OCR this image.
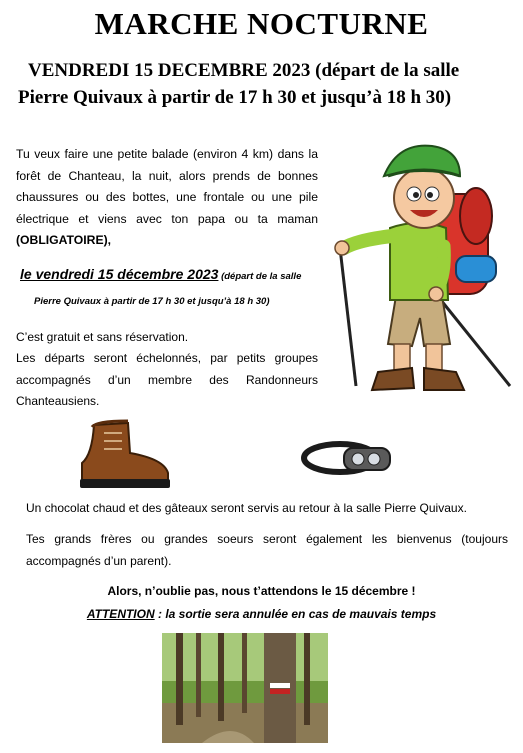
MARCHE NOCTURNE
VENDREDI 15 DECEMBRE 2023 (départ de la salle
Pierre Quivaux à partir de 17 h 30 et jusqu’à 18 h 30)
Tu veux faire une petite balade (environ 4 km) dans la forêt de Chanteau, la nuit, alors prends de bonnes chaussures ou des bottes, une frontale ou une pile électrique et viens avec ton papa ou ta maman (OBLIGATOIRE),
le vendredi 15 décembre 2023 (départ de la salle
Pierre Quivaux à partir de 17 h 30 et jusqu’à 18 h 30)
C’est gratuit et sans réservation.
Les départs seront échelonnés, par petits groupes accompagnés d’un membre des Randonneurs Chanteausiens.
Un chocolat chaud et des gâteaux seront servis au retour à la salle Pierre Quivaux.
Tes grands frères ou grandes soeurs seront également les bienvenus (toujours accompagnés d’un parent).
Alors, n’oublie pas, nous t’attendons le 15 décembre !
ATTENTION : la sortie sera annulée en cas de mauvais temps
